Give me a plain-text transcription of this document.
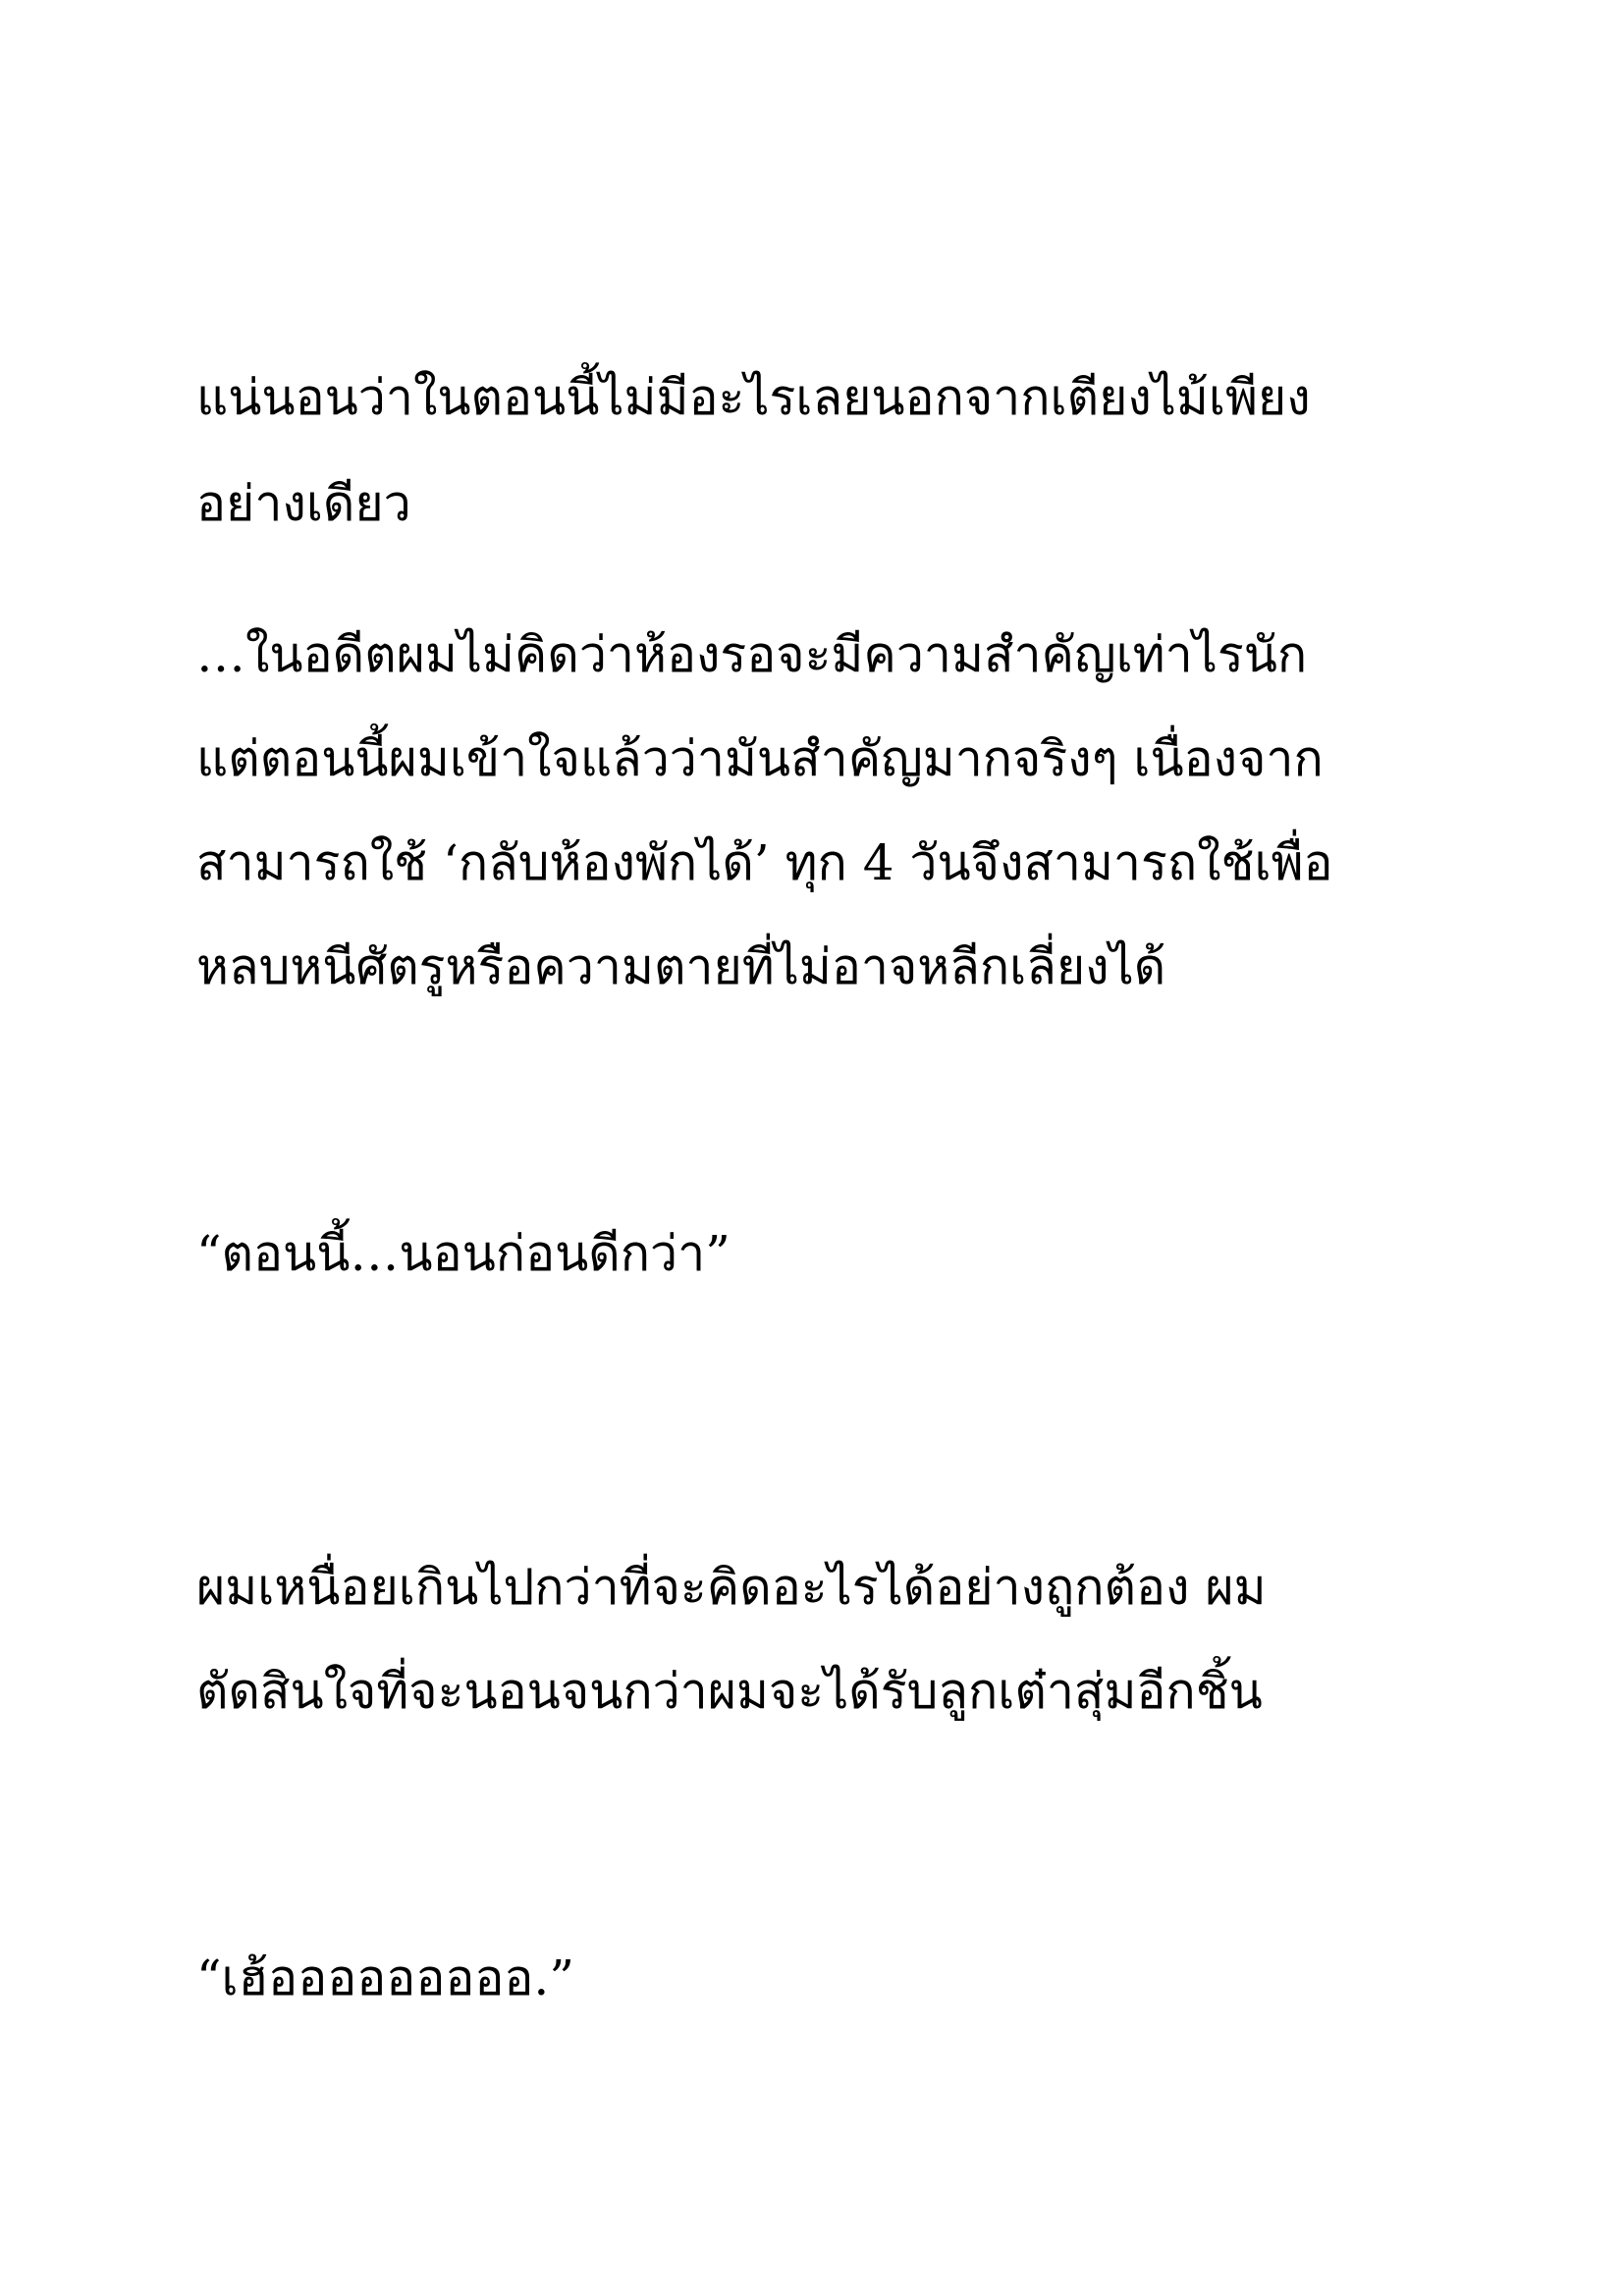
แน่นอนว่าในตอนนี้ไม่มีอะไรเลยนอกจากเตียงไม้เพียง

อย่างเดียว

…ในอดีตผมไม่คิดว่าห้องรอจะมีความสำคัญเท่าไรนัก

แต่ตอนนี้ผมเข้าใจแล้วว่ามันสำคัญมากจริงๆ เนื่องจาก

สามารถใช้ ‘กลับห้องพักได้’ ทุก 4 วันจึงสามารถใช้เพื่อ

หลบหนีศัตรูหรือความตายที่ไม่อาจหลีกเลี่ยงได้

“ตอนนี้…นอนก่อนดีกว่า”

ผมเหนื่อยเกินไปกว่าที่จะคิดอะไรได้อย่างถูกต้อง ผม

ตัดสินใจที่จะนอนจนกว่าผมจะได้รับลูกเต๋าสุ่มอีกชิ้น

“เฮ้อออออออออ.”
